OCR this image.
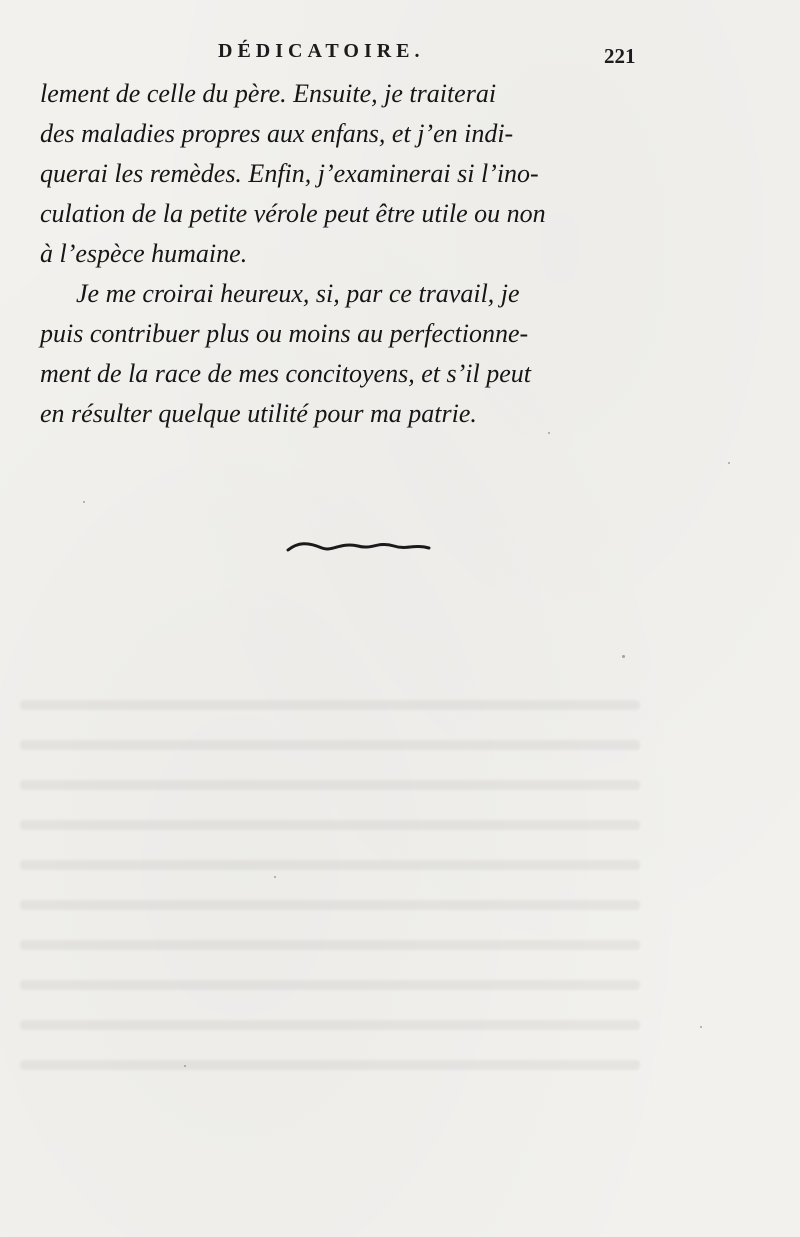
DÉDICATOIRE.	221
lement de celle du père. Ensuite, je traiterai
des maladies propres aux enfans, et j’en indi-
querai les remèdes. Enfin, j’examinerai si l’ino-
culation de la petite vérole peut être utile ou non
à l’espèce humaine.
Je me croirai heureux, si, par ce travail, je
puis contribuer plus ou moins au perfectionne-
ment de la race de mes concitoyens, et s’il peut
en résulter quelque utilité pour ma patrie.
